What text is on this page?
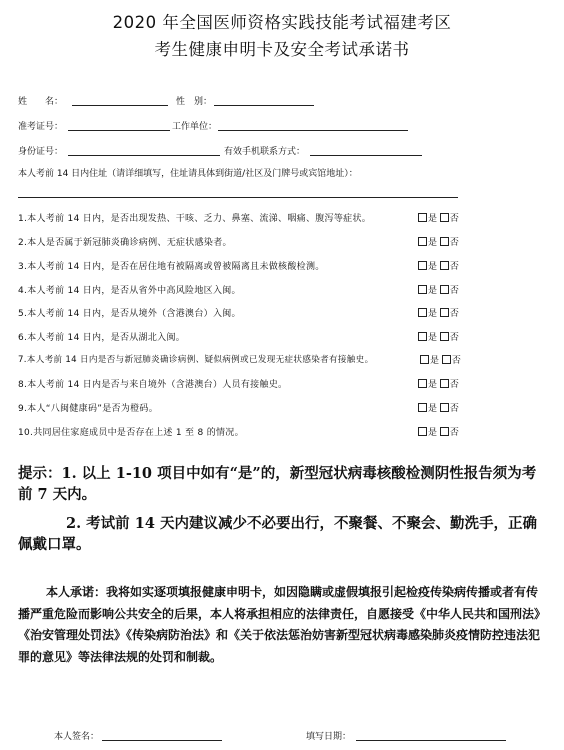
2020 年全国医师资格实践技能考试福建考区
考生健康申明卡及安全考试承诺书
姓　　名：	性　别：
准考证号：	工作单位：
身份证号：	有效手机联系方式：
本人考前 14 日内住址（请详细填写，住址请具体到街道/社区及门牌号或宾馆地址）：
1.本人考前 14 日内，是否出现发热、干咳、乏力、鼻塞、流涕、咽痛、腹泻等症状。	是 否
2.本人是否属于新冠肺炎确诊病例、无症状感染者。	是 否
3.本人考前 14 日内，是否在居住地有被隔离或曾被隔离且未做核酸检测。	是 否
4.本人考前 14 日内，是否从省外中高风险地区入闽。	是 否
5.本人考前 14 日内，是否从境外（含港澳台）入闽。	是 否
6.本人考前 14 日内，是否从湖北入闽。	是 否
7.本人考前 14 日内是否与新冠肺炎确诊病例、疑似病例或已发现无症状感染者有接触史。	是 否
8.本人考前 14 日内是否与来自境外（含港澳台）人员有接触史。	是 否
9.本人“八闽健康码”是否为橙码。	是 否
10.共同居住家庭成员中是否存在上述 1 至 8 的情况。	是 否
提示：1. 以上 1-10 项目中如有“是”的，新型冠状病毒核酸检测阴性报告须为考前 7 天内。
2. 考试前 14 天内建议减少不必要出行，不聚餐、不聚会、勤洗手，正确佩戴口罩。
本人承诺：我将如实逐项填报健康申明卡，如因隐瞒或虚假填报引起检疫传染病传播或者有传播严重危险而影响公共安全的后果，本人将承担相应的法律责任，自愿接受《中华人民共和国刑法》《治安管理处罚法》《传染病防治法》和《关于依法惩治妨害新型冠状病毒感染肺炎疫情防控违法犯罪的意见》等法律法规的处罚和制裁。
本人签名：	填写日期：
